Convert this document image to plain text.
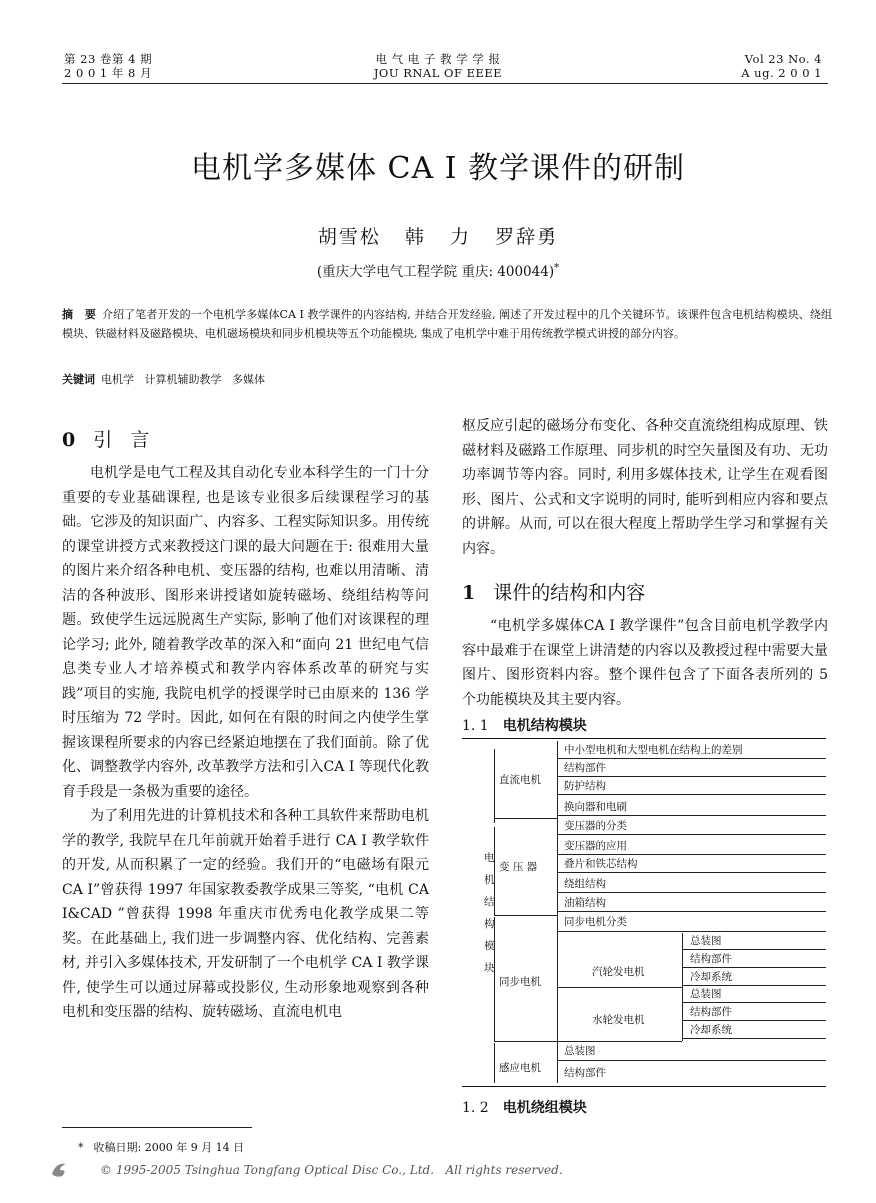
第 23 卷第 4 期
2 0 0 1 年 8 月
电 气 电 子 教 学 学 报
JOU RNAL OF EEEE
Vol 23 No. 4
A ug. 2 0 0 1
电机学多媒体 CA I 教学课件的研制
胡雪松   韩   力   罗辞勇
(重庆大学电气工程学院 重庆: 400044)*
摘   要 介绍了笔者开发的一个电机学多媒体CA I 教学课件的内容结构, 并结合开发经验, 阐述了开发过程中的几个关键环节。该课件包含电机结构模块、绕组模块、铁磁材料及磁路模块、电机磁场模块和同步机模块等五个功能模块, 集成了电机学中难于用传统教学模式讲授的部分内容。
关键词 电机学   计算机辅助教学   多媒体
0 引   言

电机学是电气工程及其自动化专业本科学生的一门十分重要的专业基础课程, 也是该专业很多后续课程学习的基础。它涉及的知识面广、内容多、工程实际知识多。用传统的课堂讲授方式来教授这门课的最大问题在于: 很难用大量的图片来介绍各种电机、变压器的结构, 也难以用清晰、清洁的各种波形、图形来讲授诸如旋转磁场、绕组结构等问题。致使学生远远脱离生产实际, 影响了他们对该课程的理论学习; 此外, 随着教学改革的深入和“面向 21 世纪电气信息类专业人才培养模式和教学内容体系改革的研究与实践”项目的实施, 我院电机学的授课学时已由原来的 136 学时压缩为 72 学时。因此, 如何在有限的时间之内使学生掌握该课程所要求的内容已经紧迫地摆在了我们面前。除了优化、调整教学内容外, 改革教学方法和引入CA I 等现代化教育手段是一条极为重要的途径。

为了利用先进的计算机技术和各种工具软件来帮助电机学的教学, 我院早在几年前就开始着手进行 CA I 教学软件的开发, 从而积累了一定的经验。我们开的“电磁场有限元 CA I”曾获得 1997 年国家教委教学成果三等奖, “电机 CA I&CAD ”曾获得 1998 年重庆市优秀电化教学成果二等奖。在此基础上, 我们进一步调整内容、优化结构、完善素材, 并引入多媒体技术, 开发研制了一个电机学 CA I 教学课件, 使学生可以通过屏幕或投影仪, 生动形象地观察到各种电机和变压器的结构、旋转磁场、直流电机电

枢反应引起的磁场分布变化、各种交直流绕组构成原理、铁磁材料及磁路工作原理、同步机的时空矢量图及有功、无功功率调节等内容。同时, 利用多媒体技术, 让学生在观看图形、图片、公式和文字说明的同时, 能听到相应内容和要点的讲解。从而, 可以在很大程度上帮助学生学习和掌握有关内容。

1 课件的结构和内容

“电机学多媒体CA I 教学课件”包含目前电机学教学内容中最难于在课堂上讲清楚的内容以及教授过程中需要大量图片、图形资料内容。整个课件包含了下面各表所列的 5 个功能模块及其主要内容。

1. 1 电机结构模块
电
机
结
构
模
块
直流电机
变 压 器
同步电机
感应电机
汽轮发电机
水轮发电机
中小型电机和大型电机在结构上的差别
结构部件
防护结构
换向器和电刷
变压器的分类
变压器的应用
叠片和铁芯结构
绕组结构
油箱结构
同步电机分类
总装图
结构部件
冷却系统
总装图
结构部件
冷却系统
总装图
结构部件
1. 2 电机绕组模块
* 收稿日期: 2000 年 9 月 14 日
© 1995-2005 Tsinghua Tongfang Optical Disc Co., Ltd.   All rights reserved.
